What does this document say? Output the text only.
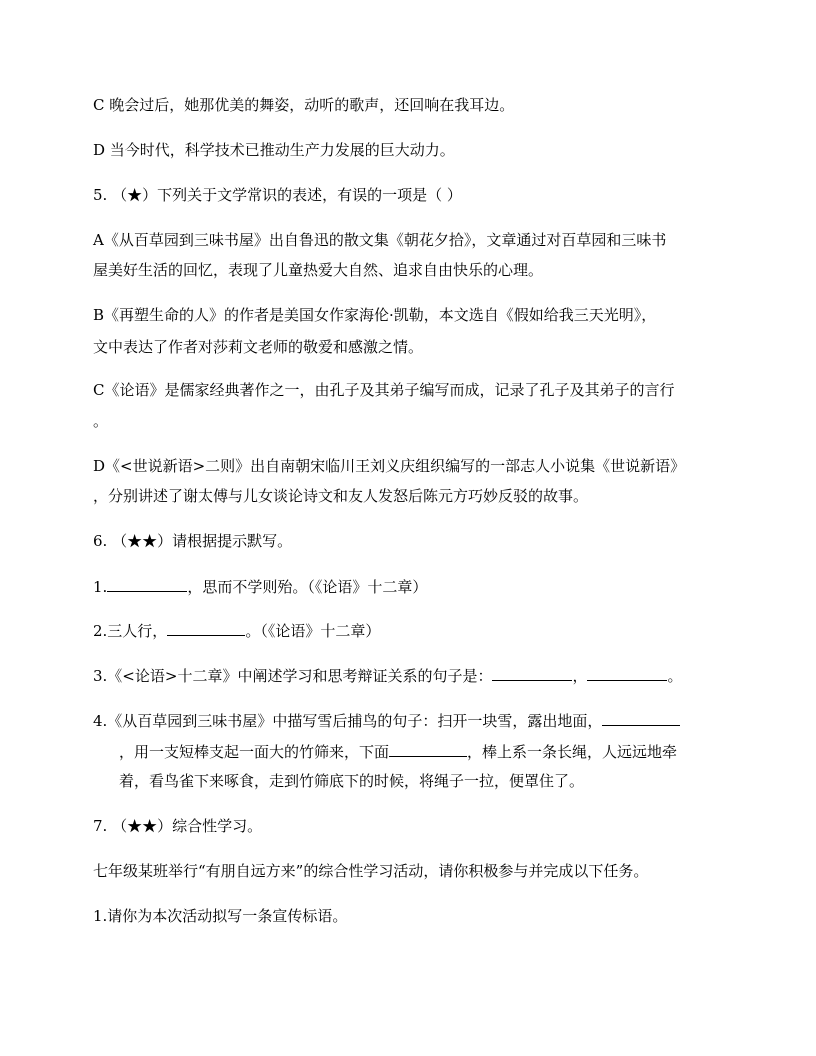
C 晚会过后，她那优美的舞姿，动听的歌声，还回响在我耳边。
D 当今时代，科学技术已推动生产力发展的巨大动力。
5. （★）下列关于文学常识的表述，有误的一项是（ ）
A《从百草园到三味书屋》出自鲁迅的散文集《朝花夕拾》，文章通过对百草园和三味书
屋美好生活的回忆，表现了儿童热爱大自然、追求自由快乐的心理。
B《再塑生命的人》的作者是美国女作家海伦·凯勒，本文选自《假如给我三天光明》，
文中表达了作者对莎莉文老师的敬爱和感激之情。
C《论语》是儒家经典著作之一，由孔子及其弟子编写而成，记录了孔子及其弟子的言行
。
D《<世说新语>二则》出自南朝宋临川王刘义庆组织编写的一部志人小说集《世说新语》
，分别讲述了谢太傅与儿女谈论诗文和友人发怒后陈元方巧妙反驳的故事。
6. （★★）请根据提示默写。
1.	，思而不学则殆。（《论语》十二章）
2.三人行，	。（《论语》十二章）
3.《<论语>十二章》中阐述学习和思考辩证关系的句子是：	，	。
4.《从百草园到三味书屋》中描写雪后捕鸟的句子：扫开一块雪，露出地面，
，用一支短棒支起一面大的竹筛来，下面	，棒上系一条长绳，人远远地牵
着，看鸟雀下来啄食，走到竹筛底下的时候，将绳子一拉，便罩住了。
7. （★★）综合性学习。
七年级某班举行“有朋自远方来”的综合性学习活动，请你积极参与并完成以下任务。
1.请你为本次活动拟写一条宣传标语。
